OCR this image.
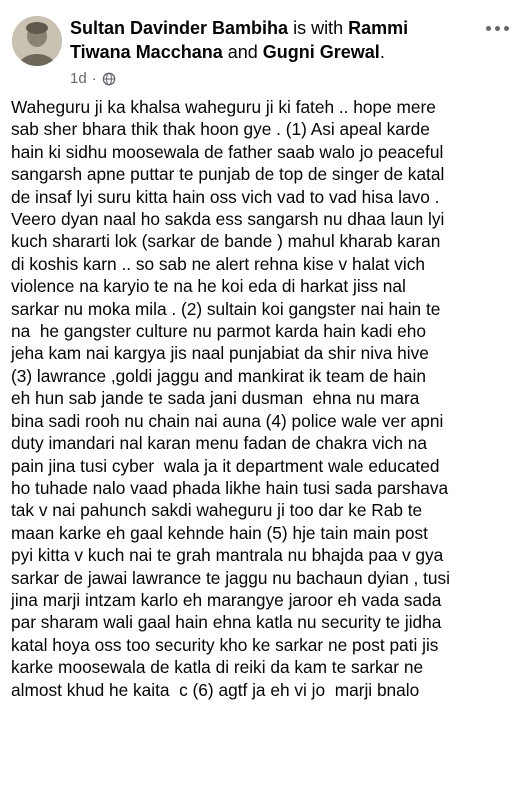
Sultan Davinder Bambiha is with Rammi
Tiwana Macchana and Gugni Grewal.
1d ·
Waheguru ji ka khalsa waheguru ji ki fateh .. hope mere
sab sher bhara thik thak hoon gye . (1) Asi apeal karde
hain ki sidhu moosewala de father saab walo jo peaceful
sangarsh apne puttar te punjab de top de singer de katal
de insaf lyi suru kitta hain oss vich vad to vad hisa lavo .
Veero dyan naal ho sakda ess sangarsh nu dhaa laun lyi
kuch shararti lok (sarkar de bande ) mahul kharab karan
di koshis karn .. so sab ne alert rehna kise v halat vich
violence na karyio te na he koi eda di harkat jiss nal
sarkar nu moka mila . (2) sultain koi gangster nai hain te
na  he gangster culture nu parmot karda hain kadi eho
jeha kam nai kargya jis naal punjabiat da shir niva hive
(3) lawrance ,goldi jaggu and mankirat ik team de hain
eh hun sab jande te sada jani dusman  ehna nu mara
bina sadi rooh nu chain nai auna (4) police wale ver apni
duty imandari nal karan menu fadan de chakra vich na
pain jina tusi cyber  wala ja it department wale educated
ho tuhade nalo vaad phada likhe hain tusi sada parshava
tak v nai pahunch sakdi waheguru ji too dar ke Rab te
maan karke eh gaal kehnde hain (5) hje tain main post
pyi kitta v kuch nai te grah mantrala nu bhajda paa v gya
sarkar de jawai lawrance te jaggu nu bachaun dyian , tusi
jina marji intzam karlo eh marangye jaroor eh vada sada
par sharam wali gaal hain ehna katla nu security te jidha
katal hoya oss too security kho ke sarkar ne post pati jis
karke moosewala de katla di reiki da kam te sarkar ne
almost khud he kaita  c (6) agtf ja eh vi jo  marji bnalo
